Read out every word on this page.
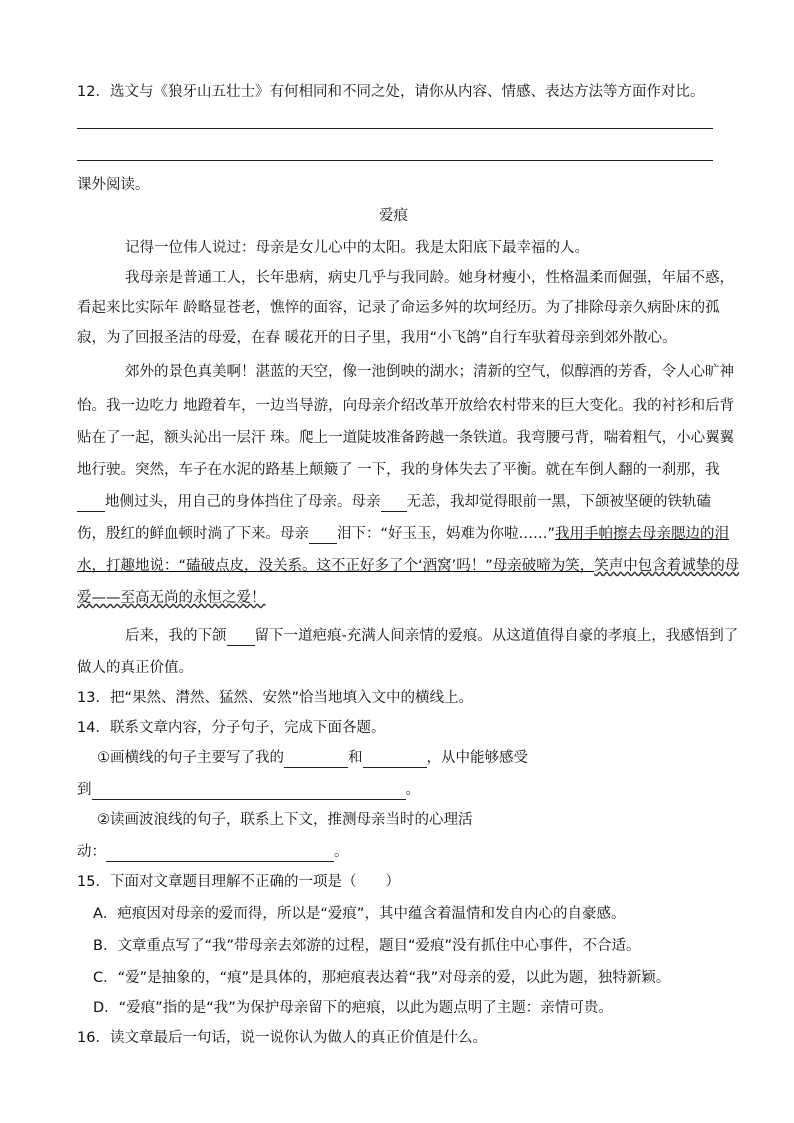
12．选文与《狼牙山五壮士》有何相同和不同之处，请你从内容、情感、表达方法等方面作对比。
课外阅读。
爱痕
记得一位伟人说过：母亲是女儿心中的太阳。我是太阳底下最幸福的人。
我母亲是普通工人，长年患病，病史几乎与我同龄。她身材瘦小，性格温柔而倔强，年届不惑，
看起来比实际年 龄略显苍老，憔悴的面容，记录了命运多舛的坎坷经历。为了排除母亲久病卧床的孤
寂，为了回报圣洁的母爱，在春 暖花开的日子里，我用“小飞鸽”自行车驮着母亲到郊外散心。
郊外的景色真美啊！湛蓝的天空，像一池倒映的湖水；清新的空气，似醇酒的芳香，令人心旷神
怡。我一边吃力 地蹬着车，一边当导游，向母亲介绍改革开放给农村带来的巨大变化。我的衬衫和后背
贴在了一起，额头沁出一层汗 珠。爬上一道陡坡准备跨越一条铁道。我弯腰弓背，喘着粗气，小心翼翼
地行驶。突然，车子在水泥的路基上颠簸了 一下，我的身体失去了平衡。就在车倒人翻的一刹那，我
地侧过头，用自己的身体挡住了母亲。母亲 无恙，我却觉得眼前一黑，下颌被坚硬的铁轨磕
伤，殷红的鲜血顿时淌了下来。母亲 泪下：“好玉玉，妈难为你啦……”我用手帕擦去母亲腮边的泪
水，打趣地说：“磕破点皮，没关系。这不正好多了个‘酒窝’吗！”母亲破啼为笑，笑声中包含着诚挚的母
爱——至高无尚的永恒之爱！
后来，我的下颌 留下一道疤痕-充满人间亲情的爱痕。从这道值得自豪的孝痕上，我感悟到了
做人的真正价值。
13．把“果然、潸然、猛然、安然”恰当地填入文中的横线上。
14．联系文章内容，分子句子，完成下面各题。
①画横线的句子主要写了我的	和	，从中能够感受
到	。
②读画波浪线的句子，联系上下文，推测母亲当时的心理活
动：	。
15．下面对文章题目理解不正确的一项是（　　）
A．疤痕因对母亲的爱而得，所以是“爱痕”，其中蕴含着温情和发自内心的自豪感。
B．文章重点写了“我”带母亲去郊游的过程，题目“爱痕”没有抓住中心事件，不合适。
C．“爱”是抽象的，“痕”是具体的，那疤痕表达着“我”对母亲的爱，以此为题，独特新颖。
D．“爱痕”指的是“我”为保护母亲留下的疤痕，以此为题点明了主题：亲情可贵。
16．读文章最后一句话，说一说你认为做人的真正价值是什么。
